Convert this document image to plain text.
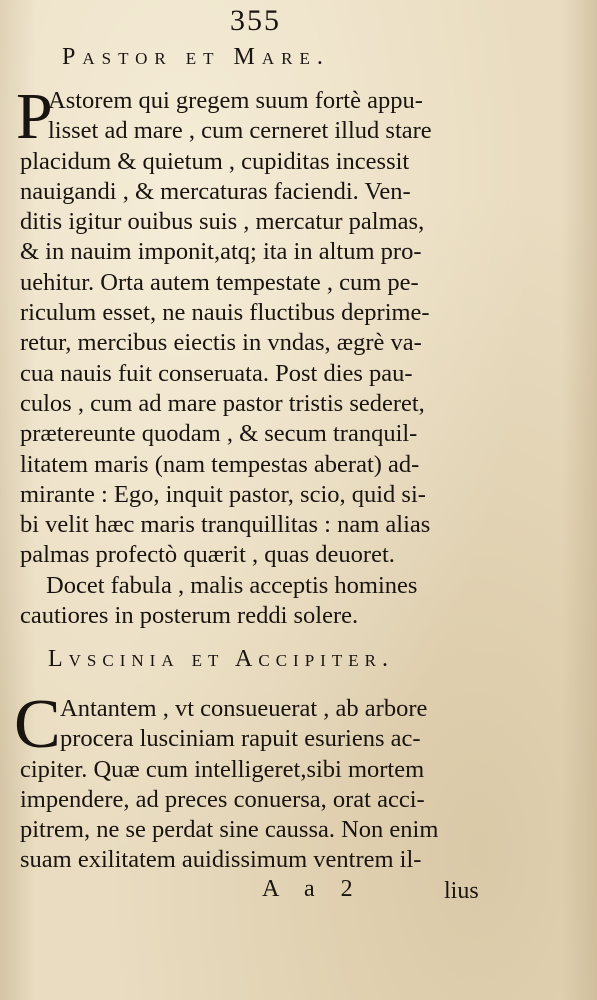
355
Pastor et Mare.
P
Astorem qui gregem suum fortè appu-
lisset ad mare , cum cerneret illud stare
placidum & quietum , cupiditas incessit
nauigandi , & mercaturas faciendi. Ven-
ditis igitur ouibus suis , mercatur palmas,
& in nauim imponit,atq; ita in altum pro-
uehitur. Orta autem tempestate , cum pe-
riculum esset, ne nauis fluctibus deprime-
retur, mercibus eiectis in vndas, ægrè va-
cua nauis fuit conseruata. Post dies pau-
culos , cum ad mare pastor tristis sederet,
prætereunte quodam , & secum tranquil-
litatem maris (nam tempestas aberat) ad-
mirante : Ego, inquit pastor, scio, quid si-
bi velit hæc maris tranquillitas : nam alias
palmas profectò quærit , quas deuoret.
Docet fabula , malis acceptis homines
cautiores in posterum reddi solere.
Lvscinia et Accipiter.
C Antantem , vt consueuerat , ab arbore
procera lusciniam rapuit esuriens ac-
cipiter. Quæ cum intelligeret,sibi mortem
impendere, ad preces conuersa, orat acci-
pitrem, ne se perdat sine caussa. Non enim
suam exilitatem auidissimum ventrem il-
A a 2	lius
